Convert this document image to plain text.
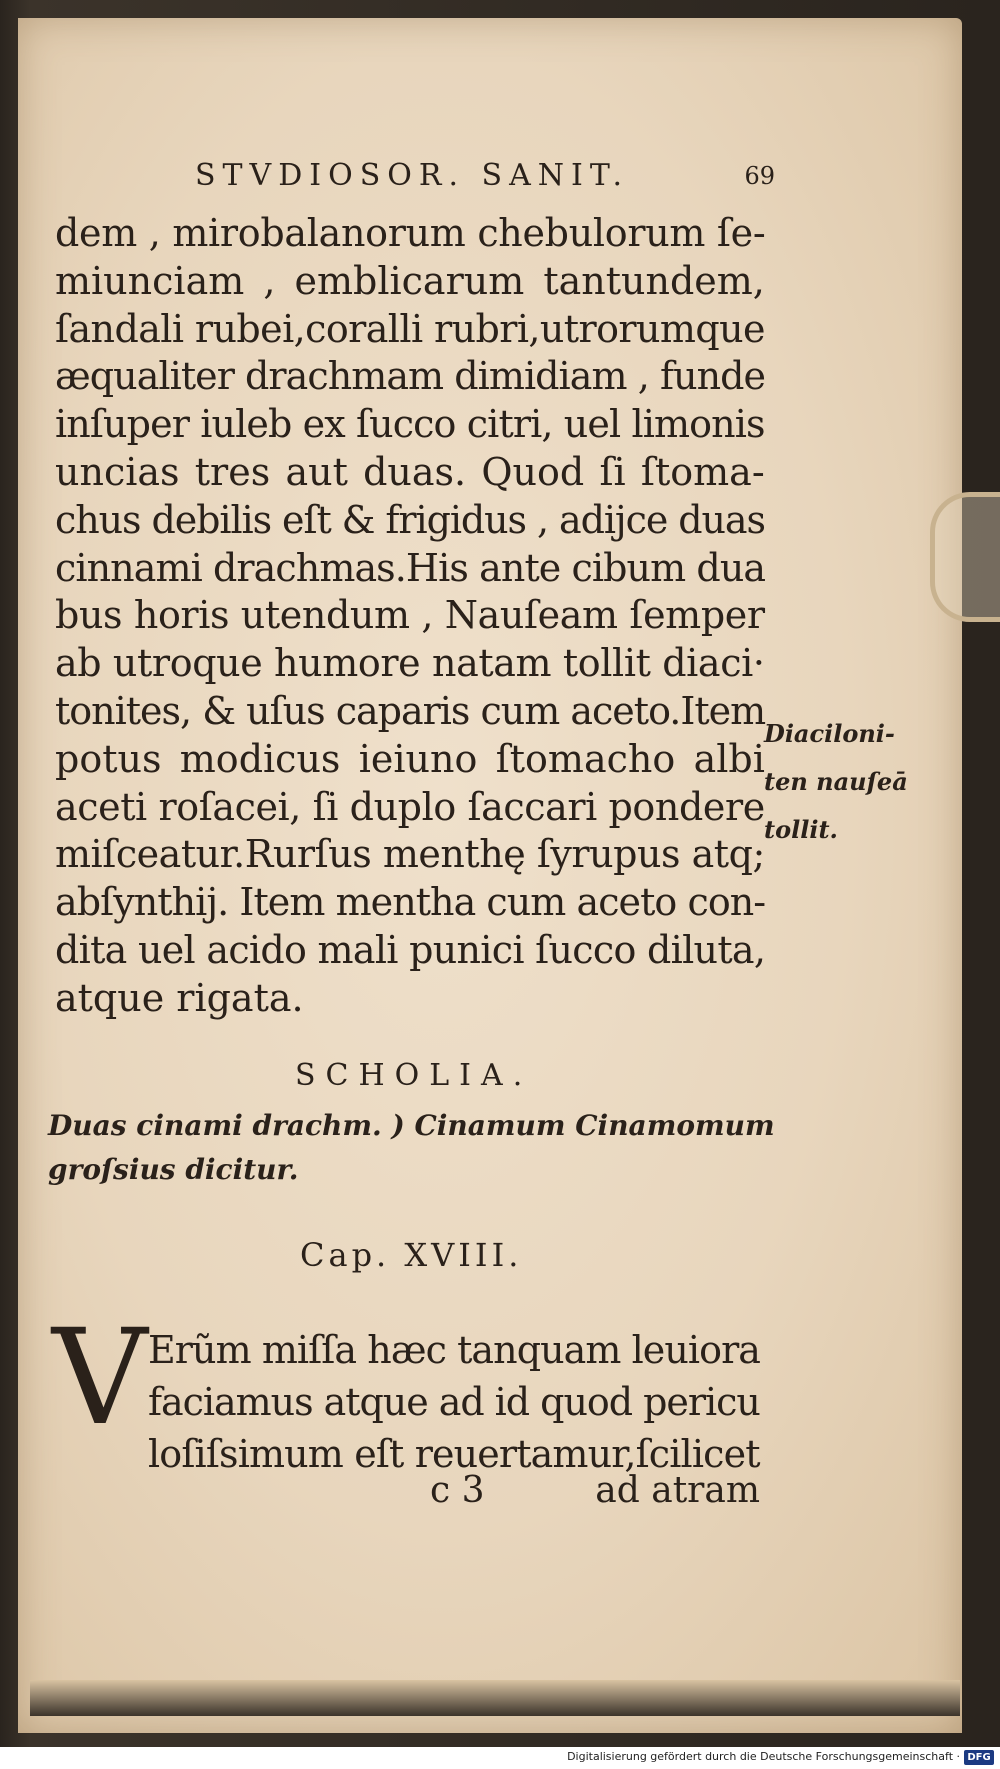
STVDIOSOR. SANIT.	69
dem , mirobalanorum chebulorum ſe-
miunciam , emblicarum tantundem,
ſandali rubei,coralli rubri,utrorumque
æqualiter drachmam dimidiam , funde
inſuper iuleb ex ſucco citri, uel limonis
uncias tres aut duas. Quod ſi ſtoma-
chus debilis eſt & frigidus , adijce duas
cinnami drachmas.His ante cibum dua
bus horis utendum , Nauſeam ſemper
ab utroque humore natam tollit diaci·
tonites, & uſus caparis cum aceto.Item
potus modicus ieiuno ſtomacho albi
aceti roſacei, ſi duplo ſaccari pondere
miſceatur.Rurſus menthę ſyrupus atq;
abſynthij. Item mentha cum aceto con-
dita uel acido mali punici ſucco diluta,
atque rigata.
Diaciloni-
ten nauſeā
tollit.
SCHOLIA.
Duas cinami drachm. ) Cinamum Cinamomum
groſsius dicitur.
Cap. XVIII.
V Erũm miſſa hæc tanquam leuiora
faciamus atque ad id quod pericu
loſiſsimum eſt reuertamur,ſcilicet
c 3	ad atram
Digitalisierung gefördert durch die Deutsche Forschungsgemeinschaft · DFG
